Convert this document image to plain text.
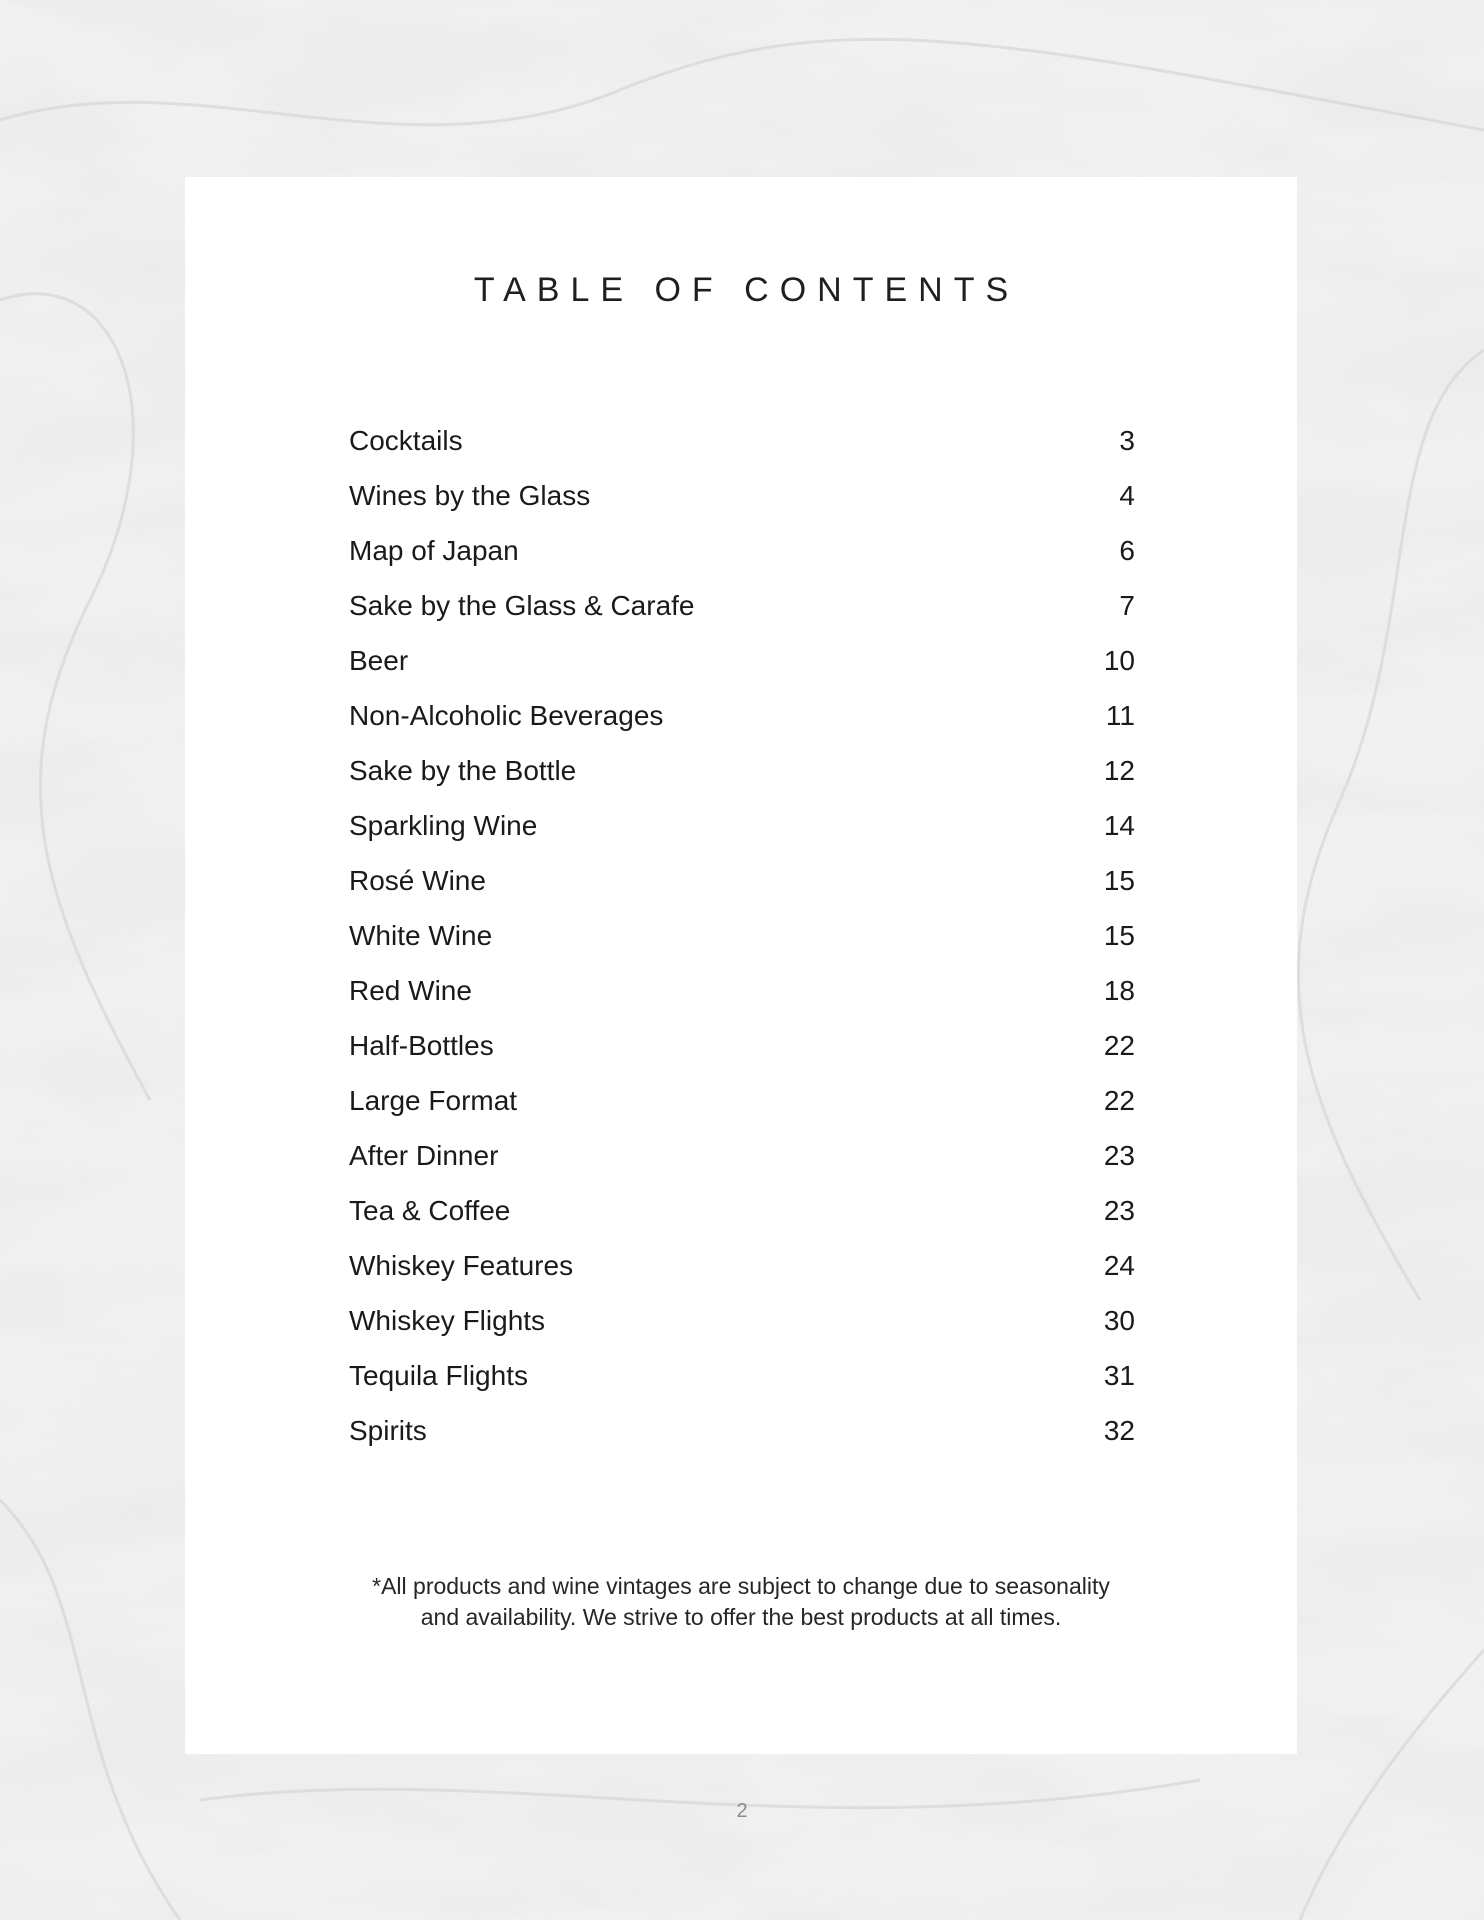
TABLE OF CONTENTS
Cocktails	3
Wines by the Glass	4
Map of Japan	6
Sake by the Glass & Carafe	7
Beer	10
Non-Alcoholic Beverages	11
Sake by the Bottle	12
Sparkling Wine	14
Rosé Wine	15
White Wine	15
Red Wine	18
Half-Bottles	22
Large Format	22
After Dinner	23
Tea & Coffee	23
Whiskey Features	24
Whiskey Flights	30
Tequila Flights	31
Spirits	32
*All products and wine vintages are subject to change due to seasonality
and availability. We strive to offer the best products at all times.
2
